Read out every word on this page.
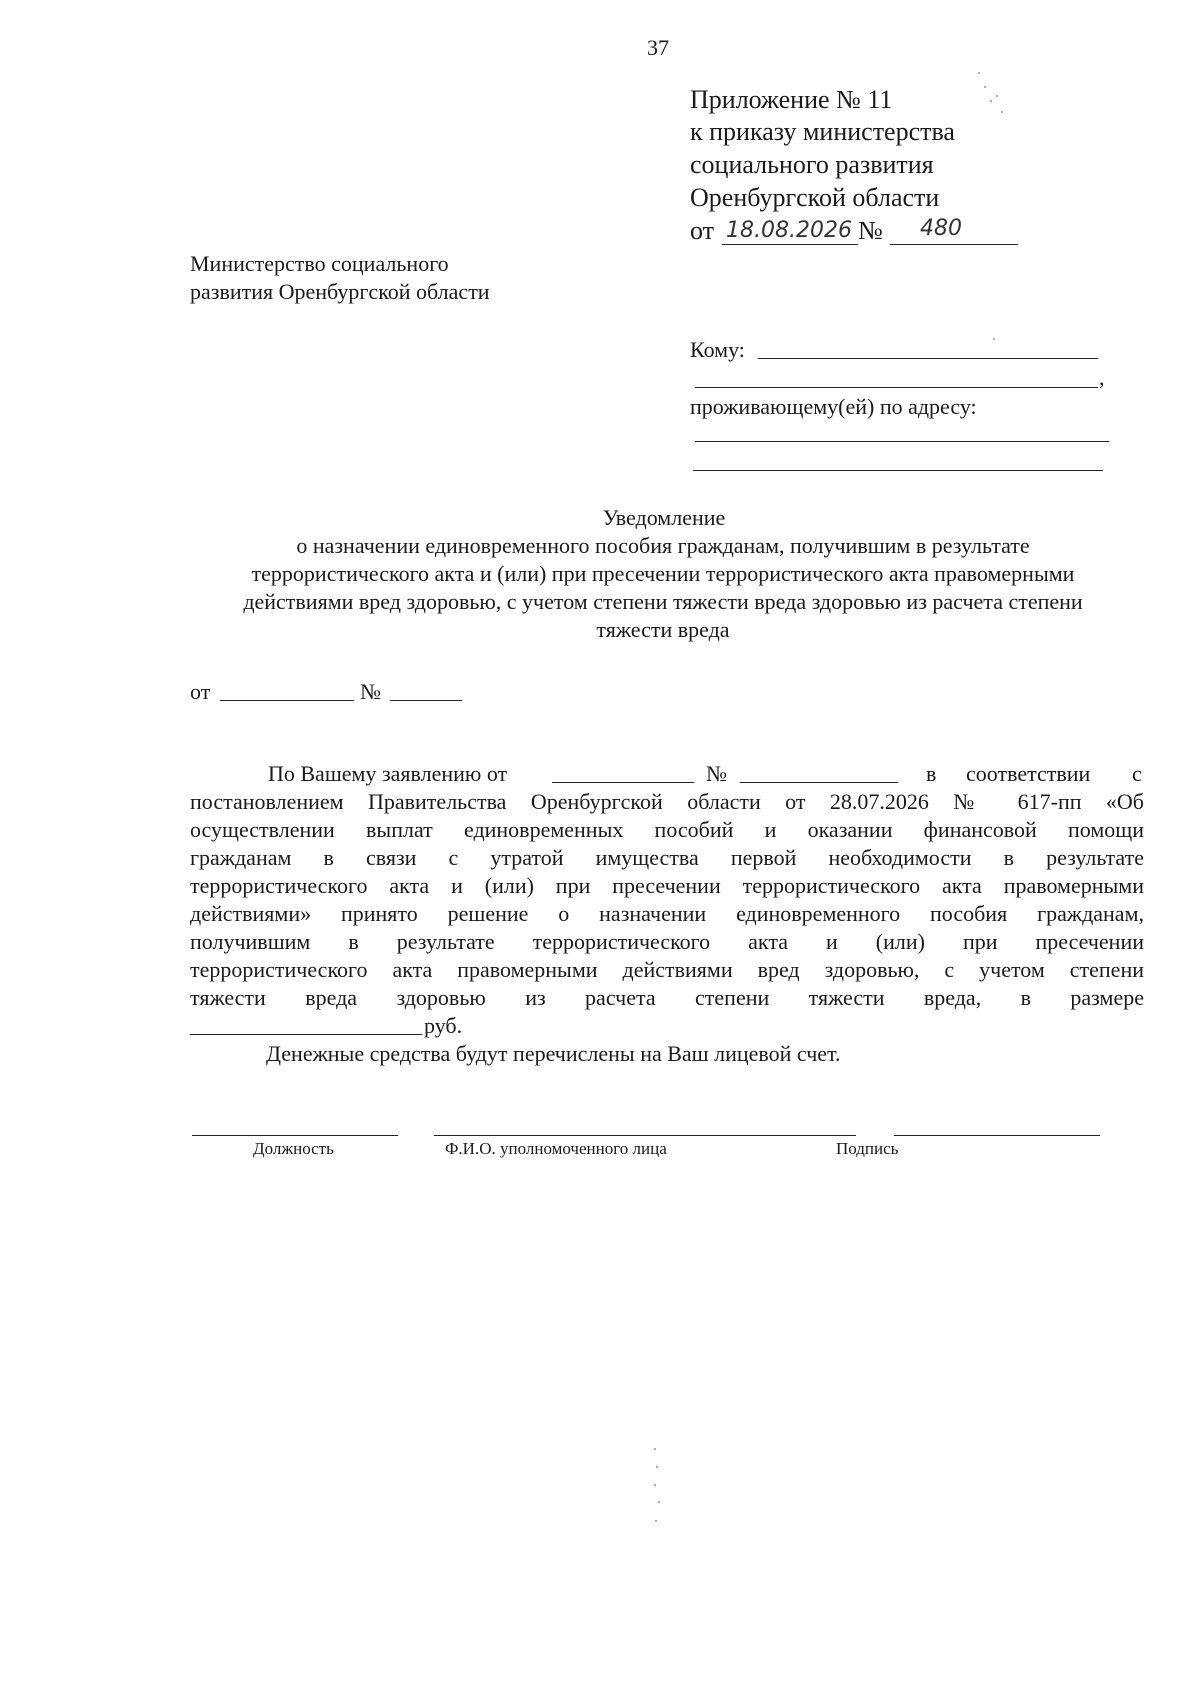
37
Приложение № 11
к приказу министерства
социального развития
Оренбургской области
от 18.08.2026 № 480
Министерство социального
развития Оренбургской области
Кому:
,
проживающему(ей) по адресу:
Уведомление
о назначении единовременного пособия гражданам, получившим в результате
террористического акта и (или) при пресечении террористического акта правомерными
действиями вред здоровью, с учетом степени тяжести вреда здоровью из расчета степени
тяжести вреда
от	№
По Вашему заявлению от	№	в соответствии с
постановлением Правительства Оренбургской области от 28.07.2026 № 617-пп «Об
осуществлении выплат единовременных пособий и оказании финансовой помощи
гражданам в связи с утратой имущества первой необходимости в результате
террористического акта и (или) при пресечении террористического акта правомерными
действиями» принято решение о назначении единовременного пособия гражданам,
получившим в результате террористического акта и (или) при пресечении
террористического акта правомерными действиями вред здоровью, с учетом степени
тяжести вреда здоровью из расчета степени тяжести вреда, в размере
руб.
Денежные средства будут перечислены на Ваш лицевой счет.
Должность	Ф.И.О. уполномоченного лица	Подпись
